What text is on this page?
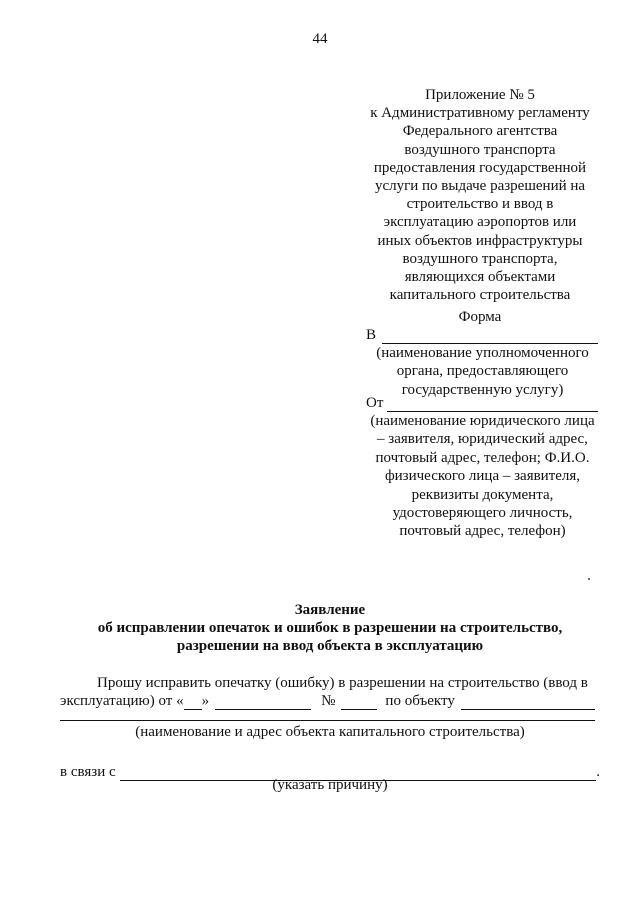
44
Приложение № 5
к Административному регламенту
Федерального агентства
воздушного транспорта
предоставления государственной
услуги по выдаче разрешений на
строительство и ввод в
эксплуатацию аэропортов или
иных объектов инфраструктуры
воздушного транспорта,
являющихся объектами
капитального строительства
Форма
В
(наименование уполномоченного
органа, предоставляющего
государственную услугу)
От
(наименование юридического лица
– заявителя, юридический адрес,
почтовый адрес, телефон; Ф.И.О.
физического лица – заявителя,
реквизиты документа,
удостоверяющего личность,
почтовый адрес, телефон)
Заявление
об исправлении опечаток и ошибок в разрешении на строительство,
разрешении на ввод объекта в эксплуатацию
Прошу исправить опечатку (ошибку) в разрешении на строительство (ввод в
эксплуатацию) от « »	№	по объекту
(наименование и адрес объекта капитального строительства)
в связи с	.
(указать причину)
